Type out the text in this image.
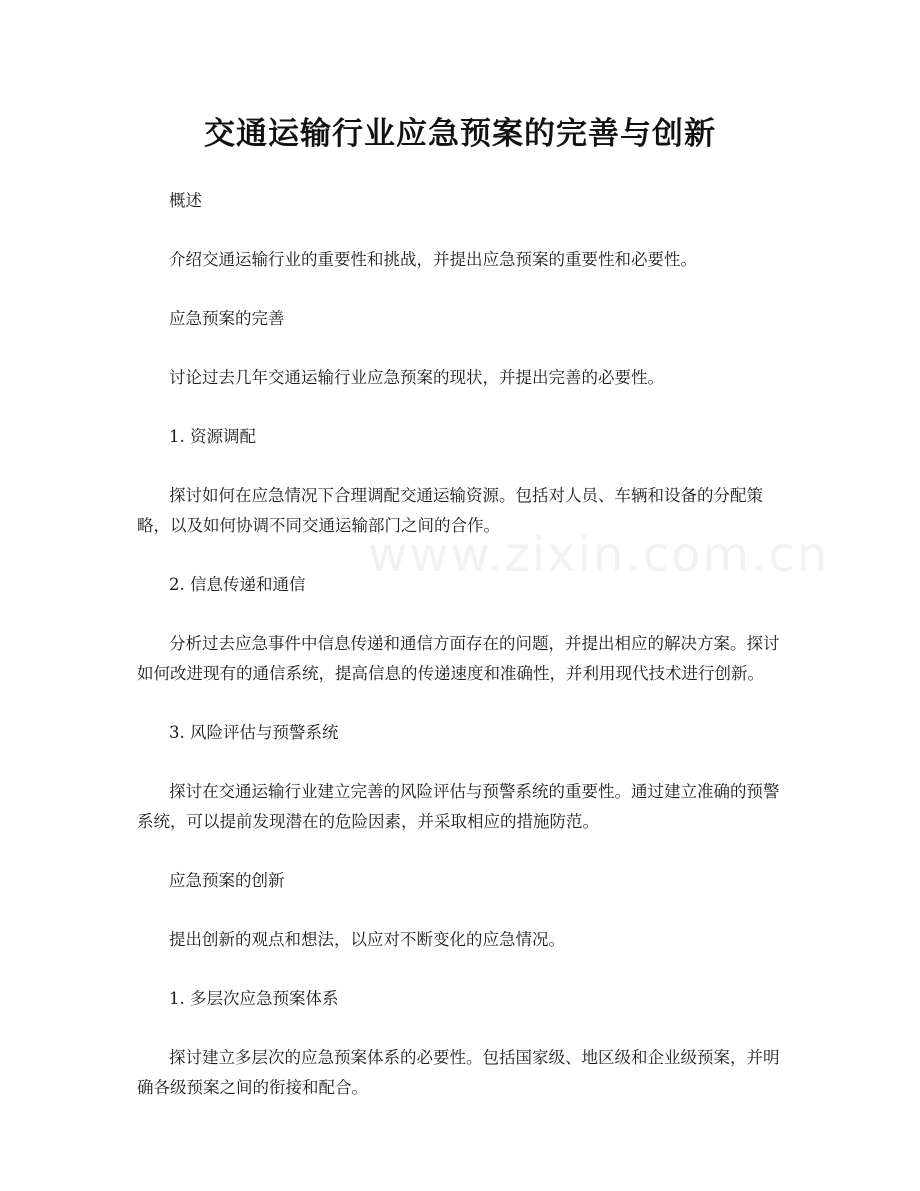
www.zixin.com.cn
交通运输行业应急预案的完善与创新

概述

介绍交通运输行业的重要性和挑战，并提出应急预案的重要性和必要性。

应急预案的完善

讨论过去几年交通运输行业应急预案的现状，并提出完善的必要性。

1. 资源调配

探讨如何在应急情况下合理调配交通运输资源。包括对人员、车辆和设备的分配策略，以及如何协调不同交通运输部门之间的合作。

2. 信息传递和通信

分析过去应急事件中信息传递和通信方面存在的问题，并提出相应的解决方案。探讨如何改进现有的通信系统，提高信息的传递速度和准确性，并利用现代技术进行创新。

3. 风险评估与预警系统

探讨在交通运输行业建立完善的风险评估与预警系统的重要性。通过建立准确的预警系统，可以提前发现潜在的危险因素，并采取相应的措施防范。

应急预案的创新

提出创新的观点和想法，以应对不断变化的应急情况。

1. 多层次应急预案体系

探讨建立多层次的应急预案体系的必要性。包括国家级、地区级和企业级预案，并明确各级预案之间的衔接和配合。
